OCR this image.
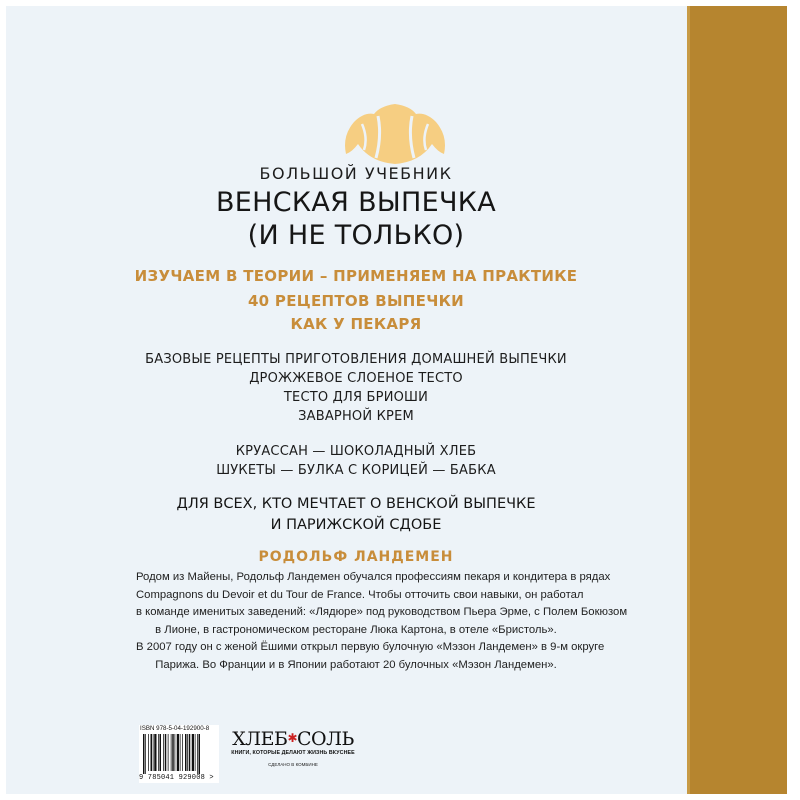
БОЛЬШОЙ УЧЕБНИК
ВЕНСКАЯ ВЫПЕЧКА
(И НЕ ТОЛЬКО)
ИЗУЧАЕМ В ТЕОРИИ – ПРИМЕНЯЕМ НА ПРАКТИКЕ
40 РЕЦЕПТОВ ВЫПЕЧКИ
КАК У ПЕКАРЯ
БАЗОВЫЕ РЕЦЕПТЫ ПРИГОТОВЛЕНИЯ ДОМАШНЕЙ ВЫПЕЧКИ
ДРОЖЖЕВОЕ СЛОЕНОЕ ТЕСТО
ТЕСТО ДЛЯ БРИОШИ
ЗАВАРНОЙ КРЕМ
КРУАССАН — ШОКОЛАДНЫЙ ХЛЕБ
ШУКЕТЫ — БУЛКА С КОРИЦЕЙ — БАБКА
ДЛЯ ВСЕХ, КТО МЕЧТАЕТ О ВЕНСКОЙ ВЫПЕЧКЕ
И ПАРИЖСКОЙ СДОБЕ
РОДОЛЬФ ЛАНДЕМЕН
Родом из Майены, Родольф Ландемен обучался профессиям пекаря и кондитера в рядах
Compagnons du Devoir et du Tour de France. Чтобы отточить свои навыки, он работал
в команде именитых заведений: «Лядюре» под руководством Пьера Эрме, с Полем Бокюзом
в Лионе, в гастрономическом ресторане Люка Картона, в отеле «Бристоль».
В 2007 году он с женой Ёшими открыл первую булочную «Мэзон Ландемен» в 9-м округе
Парижа. Во Франции и в Японии работают 20 булочных «Мэзон Ландемен».
ISBN 978-5-04-192900-8
9 785041 929008 >
ХЛЕБ✱СОЛЬ
КНИГИ, КОТОРЫЕ ДЕЛАЮТ ЖИЗНЬ ВКУСНЕЕ
СДЕЛАНО В КОМБИНЕ
